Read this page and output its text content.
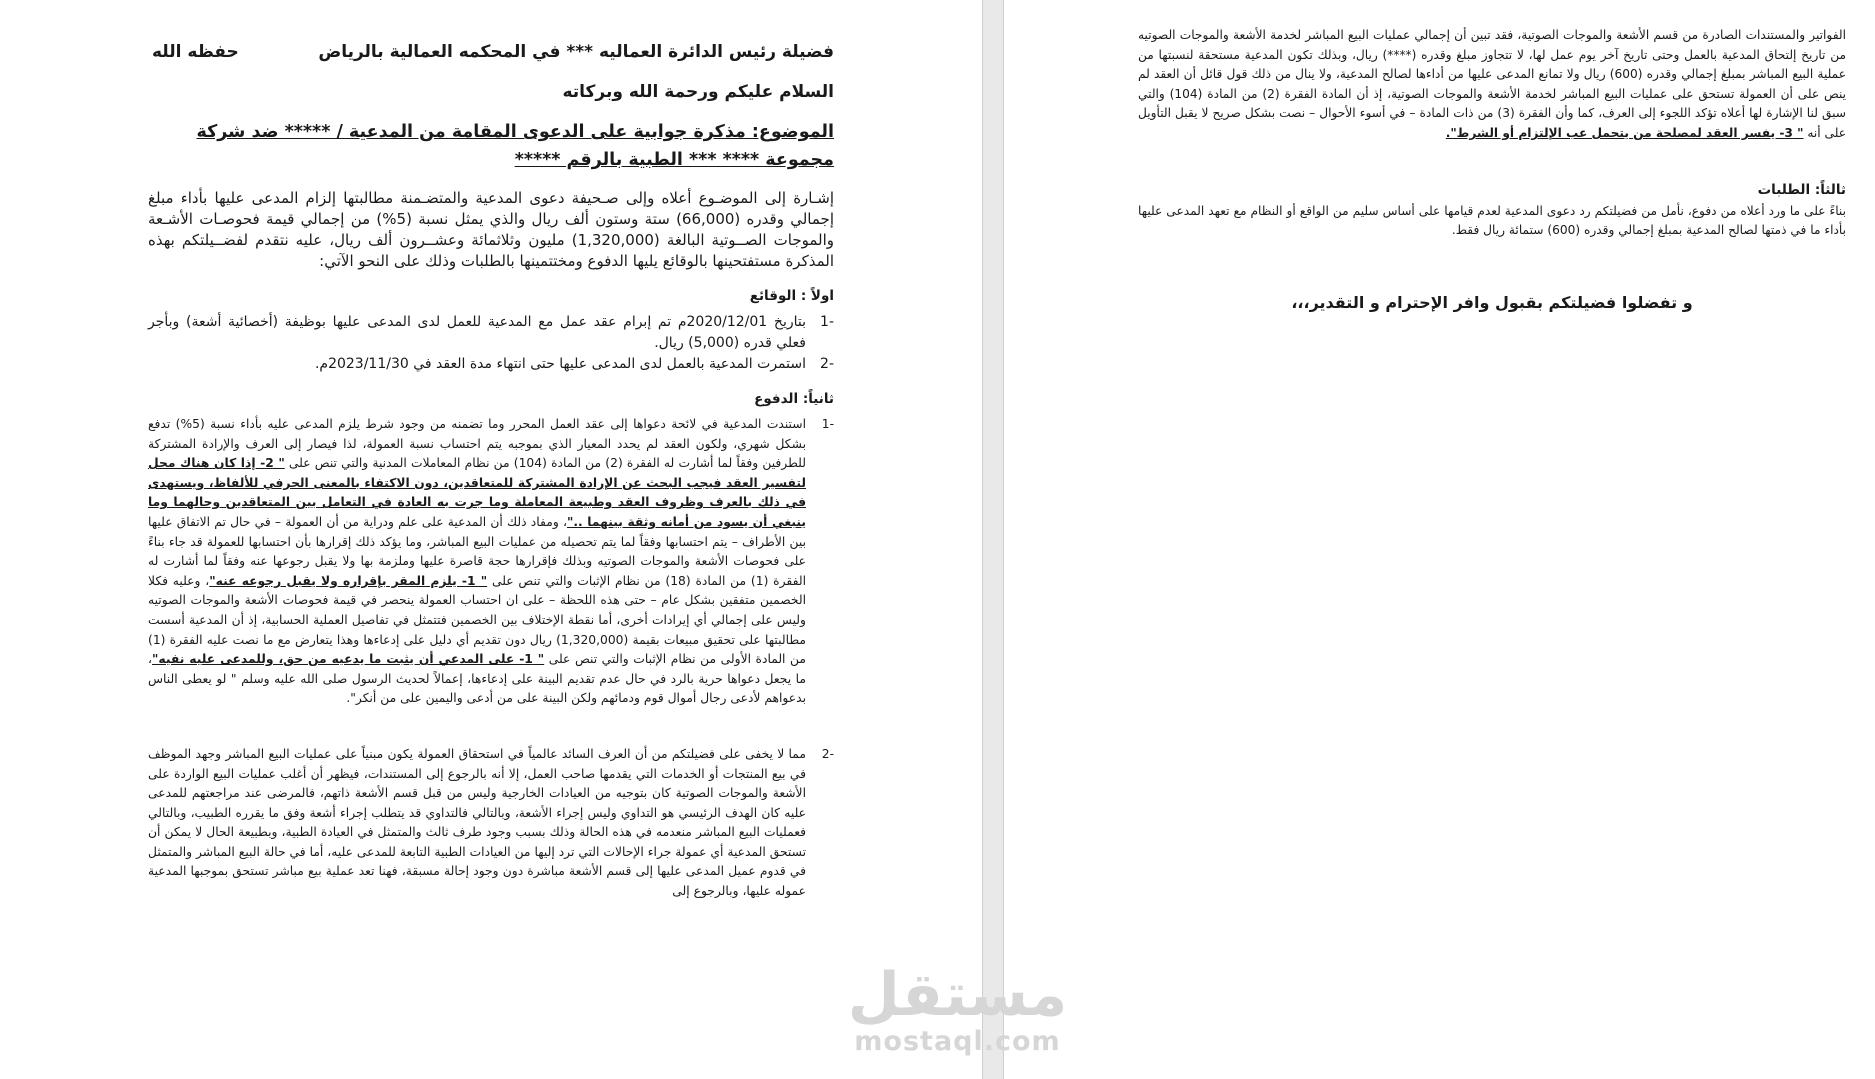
فضيلة رئيس الدائرة العماليه *** في المحكمه العمالية بالرياض
حفظه الله

السلام عليكم ورحمة الله وبركاته

الموضوع: مذكرة جوابية على الدعوى المقامة من المدعية / ***** ضد شركة مجموعة **** *** الطبية بالرقم *****

إشـارة إلى الموضـوع أعلاه وإلى صـحيفة دعوى المدعية والمتضـمنة مطالبتها إلزام المدعى عليها بأداء مبلغ إجمالي وقدره (66,000) ستة وستون ألف ريال والذي يمثل نسبة (5%) من إجمالي قيمة فحوصـات الأشـعة والموجات الصــوتية البالغة (1,320,000) مليون وثلاثمائة وعشــرون ألف ريال، عليه نتقدم لفضــيلتكم بهذه المذكرة مستفتحينها بالوقائع يليها الدفوع ومختتمينها بالطلبات وذلك على النحو الآتي:

اولاً : الوقائع

-1
بتاريخ 2020/12/01م تم إبرام عقد عمل مع المدعية للعمل لدى المدعى عليها بوظيفة (أخصائية أشعة) وبأجر فعلي قدره (5,000) ريال.
-2
استمرت المدعية بالعمل لدى المدعى عليها حتى انتهاء مدة العقد في 2023/11/30م.

ثانياً: الدفوع

-1
استندت المدعية في لائحة دعواها إلى عقد العمل المحرر وما تضمنه من وجود شرط يلزم المدعى عليه بأداء نسبة (5%) تدفع بشكل شهري، ولكون العقد لم يحدد المعيار الذي بموجبه يتم احتساب نسبة العمولة، لذا فيصار إلى العرف والإرادة المشتركة للطرفين وفقاً لما أشارت له الفقرة (2) من المادة (104) من نظام المعاملات المدنية والتي تنص على " 2- إذا كان هناك محل لتفسير العقد فيجب البحث عن الإرادة المشتركة للمتعاقدين، دون الاكتفاء بالمعنى الحرفي للألفاظ، ويستهدى في ذلك بالعرف وظروف العقد وطبيعة المعاملة وما جرت به العادة في التعامل بين المتعاقدين وحالهما وما ينبغي أن يسود من أمانه وثقة بينهما .."، ومفاد ذلك أن المدعية على علم ودراية من أن العمولة – في حال تم الاتفاق عليها بين الأطراف – يتم احتسابها وفقاً لما يتم تحصيله من عمليات البيع المباشر، وما يؤكد ذلك إقرارها بأن احتسابها للعمولة قد جاء بناءً على فحوصات الأشعة والموجات الصوتيه وبذلك فإقرارها حجة قاصرة عليها وملزمة بها ولا يقبل رجوعها عنه وفقاً لما أشارت له الفقرة (1) من المادة (18) من نظام الإثبات والتي تنص على " 1- يلزم المقر بإقراره ولا يقبل رجوعه عنه"، وعليه فكلا الخصمين متفقين بشكل عام – حتى هذه اللحظة – على ان احتساب العمولة ينحصر في قيمة فحوصات الأشعة والموجات الصوتيه وليس على إجمالي أي إيرادات أخرى، أما نقطة الإختلاف بين الخصمين فتتمثل في تفاصيل العملية الحسابية، إذ أن المدعية أسست مطالبتها على تحقيق مبيعات بقيمة (1,320,000) ريال دون تقديم أي دليل على إدعاءها وهذا يتعارض مع ما نصت عليه الفقرة (1) من المادة الأولى من نظام الإثبات والتي تنص على " 1- على المدعي أن يثبت ما يدعيه من حق، وللمدعى عليه نفيه"، ما يجعل دعواها حرية بالرد في حال عدم تقديم البينة على إدعاءها، إعمالاً لحديث الرسول صلى الله عليه وسلم " لو يعطى الناس بدعواهم لأدعى رجال أموال قوم ودمائهم ولكن البينة على من أدعى واليمين على من أنكر".
-2
مما لا يخفى على فضيلتكم من أن العرف السائد عالمياً في استحقاق العمولة يكون مبنياً على عمليات البيع المباشر وجهد الموظف في بيع المنتجات أو الخدمات التي يقدمها صاحب العمل، إلا أنه بالرجوع إلى المستندات، فيظهر أن أغلب عمليات البيع الواردة على الأشعة والموجات الصوتية كان بتوجيه من العيادات الخارجية وليس من قبل قسم الأشعة ذاتهم، فالمرضى عند مراجعتهم للمدعى عليه كان الهدف الرئيسي هو التداوي وليس إجراء الأشعة، وبالتالي فالتداوي قد يتطلب إجراء أشعة وفق ما يقرره الطبيب، وبالتالي فعمليات البيع المباشر منعدمه في هذه الحالة وذلك بسبب وجود طرف ثالث والمتمثل في العيادة الطبية، وبطبيعة الحال لا يمكن أن تستحق المدعية أي عمولة جراء الإحالات التي ترد إليها من العيادات الطبية التابعة للمدعى عليه، أما في حالة البيع المباشر والمتمثل في قدوم عميل المدعى عليها إلى قسم الأشعة مباشرة دون وجود إحالة مسبقة، فهنا تعد عملية بيع مباشر تستحق بموجبها المدعية عموله عليها، وبالرجوع إلى

الفواتير والمستندات الصادرة من قسم الأشعة والموجات الصوتية، فقد تبين أن إجمالي عمليات البيع المباشر لخدمة الأشعة والموجات الصوتيه من تاريخ إلتحاق المدعية بالعمل وحتى تاريخ آخر يوم عمل لها، لا تتجاوز مبلغ وقدره (****) ريال، وبذلك تكون المدعية مستحقة لنسبتها من عملية البيع المباشر بمبلغ إجمالي وقدره (600) ريال ولا تمانع المدعى عليها من أداءها لصالح المدعية، ولا ينال من ذلك قول قائل أن العقد لم ينص على أن العمولة تستحق على عمليات البيع المباشر لخدمة الأشعة والموجات الصوتية، إذ أن المادة الفقرة (2) من المادة (104) والتي سبق لنا الإشارة لها أعلاه تؤكد اللجوء إلى العرف، كما وأن الفقرة (3) من ذات المادة – في أسوء الأحوال – نصت بشكل صريح لا يقبل التأويل على أنه " 3- يفسر العقد لمصلحة من يتحمل عب الإلتزام أو الشرط".

ثالثاً: الطلبات

بناءً على ما ورد أعلاه من دفوع، نأمل من فضيلتكم رد دعوى المدعية لعدم قيامها على أساس سليم من الواقع أو النظام مع تعهد المدعى عليها بأداء ما في ذمتها لصالح المدعية بمبلغ إجمالي وقدره (600) ستمائة ريال فقط.

و تفضلوا فضيلتكم بقبول وافر الإحترام و التقدير،،،

مستقل
mostaql.com
